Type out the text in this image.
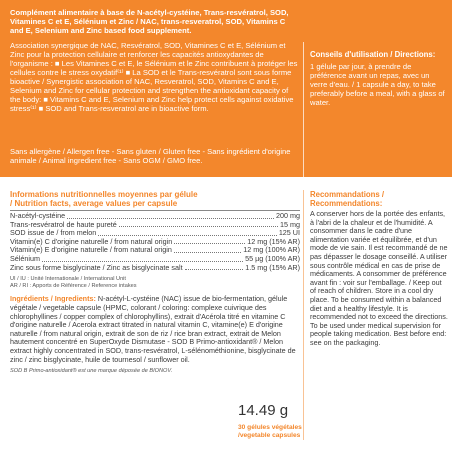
Complément alimentaire à base de N-acétyl-cystéine, Trans-resvératrol, SOD, Vitamines C et E, Sélénium et Zinc / NAC, trans-resveratrol, SOD, Vitamins C and E, Selenium and Zinc based food supplement.

Association synergique de NAC, Resvératrol, SOD, Vitamines C et E, Sélénium et Zinc pour la protection cellulaire et renforcer les capacités antioxydantes de l'organisme : ■ Les Vitamines C et E, le Sélénium et le Zinc contribuent à protéger les cellules contre le stress oxydatif⁽¹⁾ ■ La SOD et le Trans-resvératrol sont sous forme bioactive / Synergistic association of NAC, Resveratrol, SOD, Vitamins C and E, Selenium and Zinc for cellular protection and strengthen the antioxidant capacity of the body: ■ Vitamins C and E, Selenium and Zinc help protect cells against oxidative stress⁽¹⁾ ■ SOD and Trans-resveratrol are in bioactive form.

Conseils d'utilisation / Directions:

1 gélule par jour, à prendre de préférence avant un repas, avec un verre d'eau. / 1 capsule a day, to take preferably before a meal, with a glass of water.

Sans allergène / Allergen free - Sans gluten / Gluten free - Sans ingrédient d'origine animale / Animal ingredient free - Sans OGM / GMO free.
Informations nutritionnelles moyennes par gélule
/ Nutrition facts, average values per capsule
N-acétyl-cystéine	200 mg
Trans-resvératrol de haute pureté	15 mg
SOD issue de / from melon	125 UI
Vitamin(e) C d'origine naturelle / from natural origin	12 mg (15% AR)
Vitamin(e) E d'origine naturelle / from natural origin	12 mg (100% AR)
Sélénium	55 µg (100% AR)
Zinc sous forme bisglycinate / Zinc as bisglycinate salt	1.5 mg (15% AR)
UI / IU : Unité Internationale / International Unit
AR / RI : Apports de Référence / Reference intakes
Ingrédients / Ingredients: N-acétyl-L-cystéine (NAC) issue de bio-fermentation, gélule végétale / vegetable capsule (HPMC, colorant / coloring: complexe cuivrique des chlorophyllines / copper complex of chlorophyllins), extrait d'Acérola titré en vitamine C d'origine naturelle / Acerola extract titrated in natural vitamin C, vitamine(e) E d'origine naturelle / from natural origin, extrait de son de riz / rice bran extract, extrait de Melon hautement concentré en SuperOxyde Dismutase - SOD B Primo-antioxidant® / Melon extract highly concentrated in SOD, trans-resvératrol, L-sélénométhionine, bisglycinate de zinc / zinc bisglycinate, huile de tournesol / sunflower oil.
SOD B Primo-antioxidant® est une marque déposée de BIONOV.
14.49 g
30 gélules végétales
/vegetable capsules
Recommandations / Recommendations:

A conserver hors de la portée des enfants, à l'abri de la chaleur et de l'humidité. A consommer dans le cadre d'une alimentation variée et équilibrée, et d'un mode de vie sain. Il est recommandé de ne pas dépasser le dosage conseillé. A utiliser sous contrôle médical en cas de prise de médicaments. A consommer de préférence avant fin : voir sur l'emballage. / Keep out of reach of children. Store in a cool dry place. To be consumed within a balanced diet and a healthy lifestyle. It is recommended not to exceed the directions. To be used under medical supervision for people taking medication. Best before end: see on the packaging.
